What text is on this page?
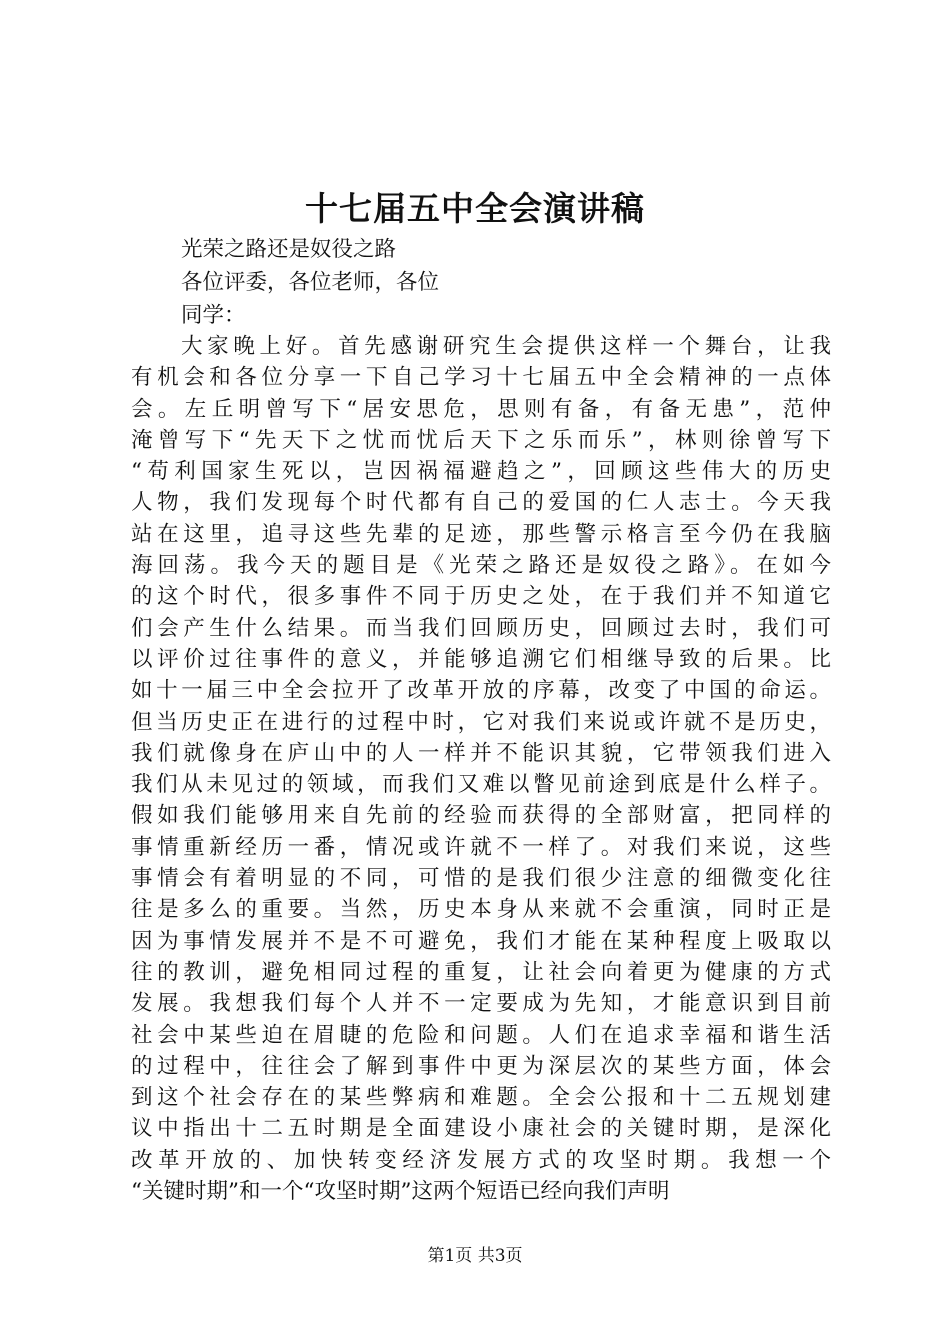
十七届五中全会演讲稿
光荣之路还是奴役之路
各位评委，各位老师，各位
同学：
大家晚上好。首先感谢研究生会提供这样一个舞台，让我
有机会和各位分享一下自己学习十七届五中全会精神的一点体
会。左丘明曾写下“居安思危，思则有备，有备无患”，范仲
淹曾写下“先天下之忧而忧后天下之乐而乐”，林则徐曾写下
“苟利国家生死以，岂因祸福避趋之”，回顾这些伟大的历史
人物，我们发现每个时代都有自己的爱国的仁人志士。今天我
站在这里，追寻这些先辈的足迹，那些警示格言至今仍在我脑
海回荡。我今天的题目是《光荣之路还是奴役之路》。在如今
的这个时代，很多事件不同于历史之处，在于我们并不知道它
们会产生什么结果。而当我们回顾历史，回顾过去时，我们可
以评价过往事件的意义，并能够追溯它们相继导致的后果。比
如十一届三中全会拉开了改革开放的序幕，改变了中国的命运。
但当历史正在进行的过程中时，它对我们来说或许就不是历史，
我们就像身在庐山中的人一样并不能识其貌，它带领我们进入
我们从未见过的领域，而我们又难以瞥见前途到底是什么样子。
假如我们能够用来自先前的经验而获得的全部财富，把同样的
事情重新经历一番，情况或许就不一样了。对我们来说，这些
事情会有着明显的不同，可惜的是我们很少注意的细微变化往
往是多么的重要。当然，历史本身从来就不会重演，同时正是
因为事情发展并不是不可避免，我们才能在某种程度上吸取以
往的教训，避免相同过程的重复，让社会向着更为健康的方式
发展。我想我们每个人并不一定要成为先知，才能意识到目前
社会中某些迫在眉睫的危险和问题。人们在追求幸福和谐生活
的过程中，往往会了解到事件中更为深层次的某些方面，体会
到这个社会存在的某些弊病和难题。全会公报和十二五规划建
议中指出十二五时期是全面建设小康社会的关键时期，是深化
改革开放的、加快转变经济发展方式的攻坚时期。我想一个
“关键时期”和一个“攻坚时期”这两个短语已经向我们声明
第1页 共3页
